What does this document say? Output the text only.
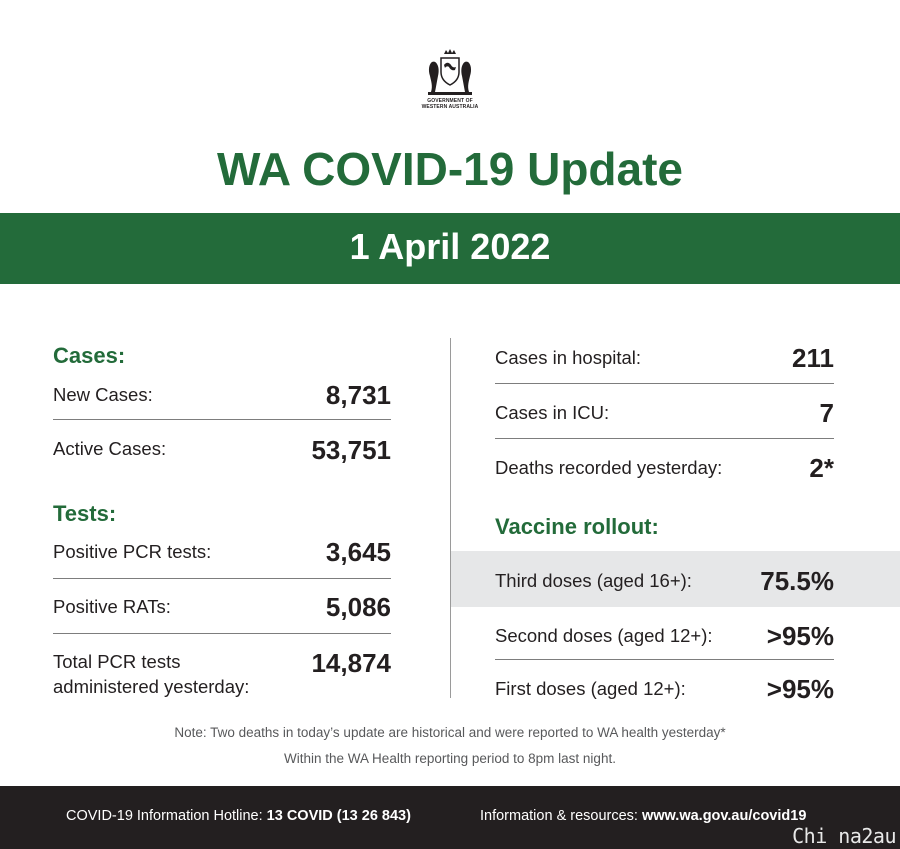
GOVERNMENT OF
WESTERN AUSTRALIA
WA COVID-19 Update
1 April 2022
Cases:
New Cases:	8,731
Active Cases:	53,751
Tests:
Positive PCR tests:	3,645
Positive RATs:	5,086
Total PCR tests
administered yesterday:
14,874
Cases in hospital:	211
Cases in ICU:	7
Deaths recorded yesterday:	2*
Vaccine rollout:
Third doses (aged 16+):	75.5%
Second doses (aged 12+): >95%
First doses (aged 12+):	>95%
Note: Two deaths in today’s update are historical and were reported to WA health yesterday*
Within the WA Health reporting period to 8pm last night.
COVID-19 Information Hotline: 13 COVID (13 26 843)	Information & resources: www.wa.gov.au/covid19
Chi na2au
